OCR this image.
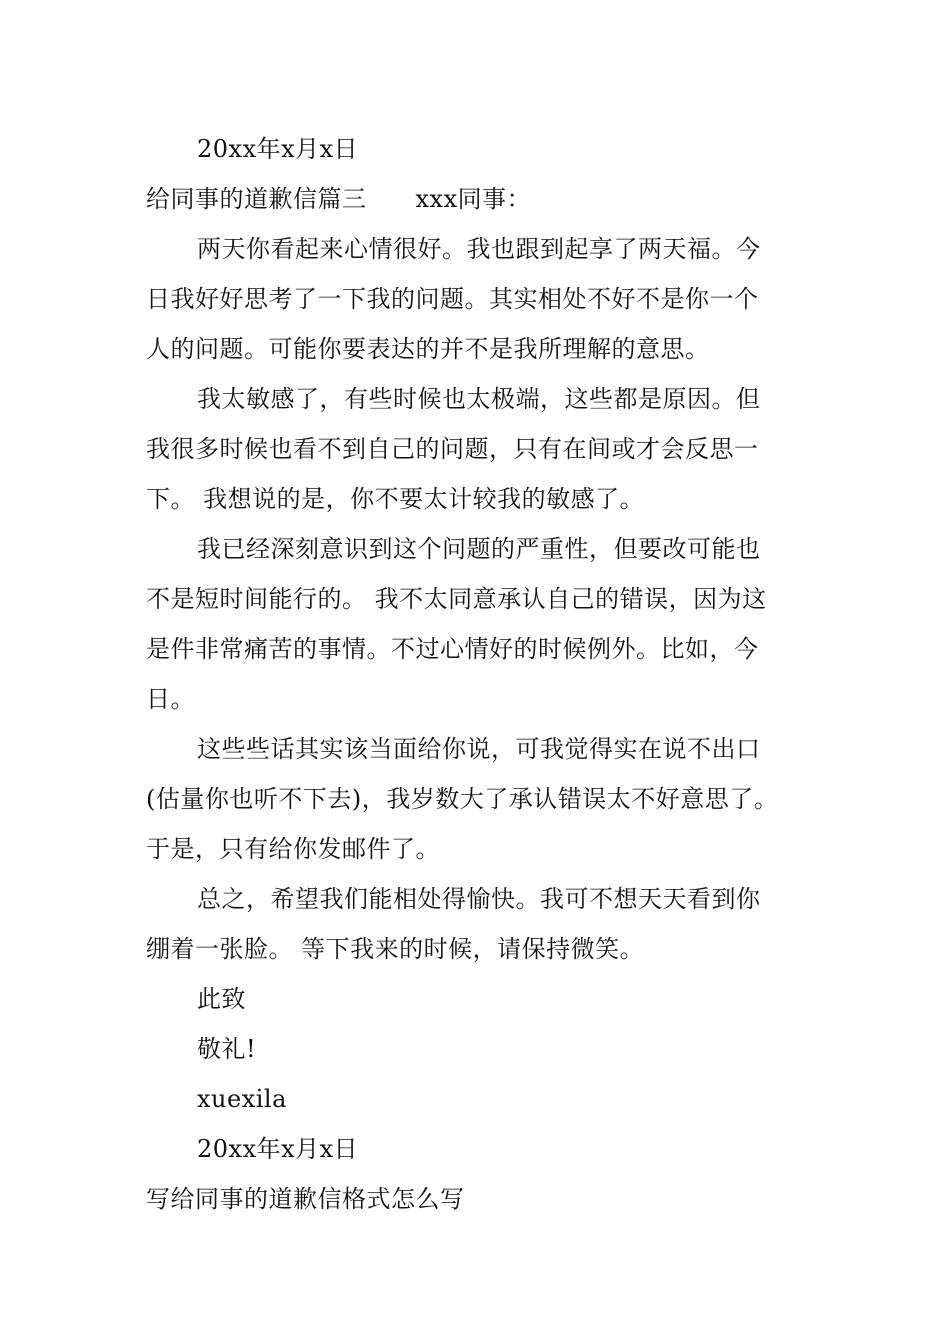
20xx年x月x日
给同事的道歉信篇三　　xxx同事：
两天你看起来心情很好。我也跟到起享了两天福。今
日我好好思考了一下我的问题。其实相处不好不是你一个
人的问题。可能你要表达的并不是我所理解的意思。
我太敏感了，有些时候也太极端，这些都是原因。但
我很多时候也看不到自己的问题，只有在间或才会反思一
下。 我想说的是，你不要太计较我的敏感了。
我已经深刻意识到这个问题的严重性，但要改可能也
不是短时间能行的。 我不太同意承认自己的错误，因为这
是件非常痛苦的事情。不过心情好的时候例外。比如，今
日。
这些些话其实该当面给你说，可我觉得实在说不出口
(估量你也听不下去)，我岁数大了承认错误太不好意思了。
于是，只有给你发邮件了。
总之，希望我们能相处得愉快。我可不想天天看到你
绷着一张脸。 等下我来的时候，请保持微笑。
此致
敬礼!
xuexila
20xx年x月x日
写给同事的道歉信格式怎么写
